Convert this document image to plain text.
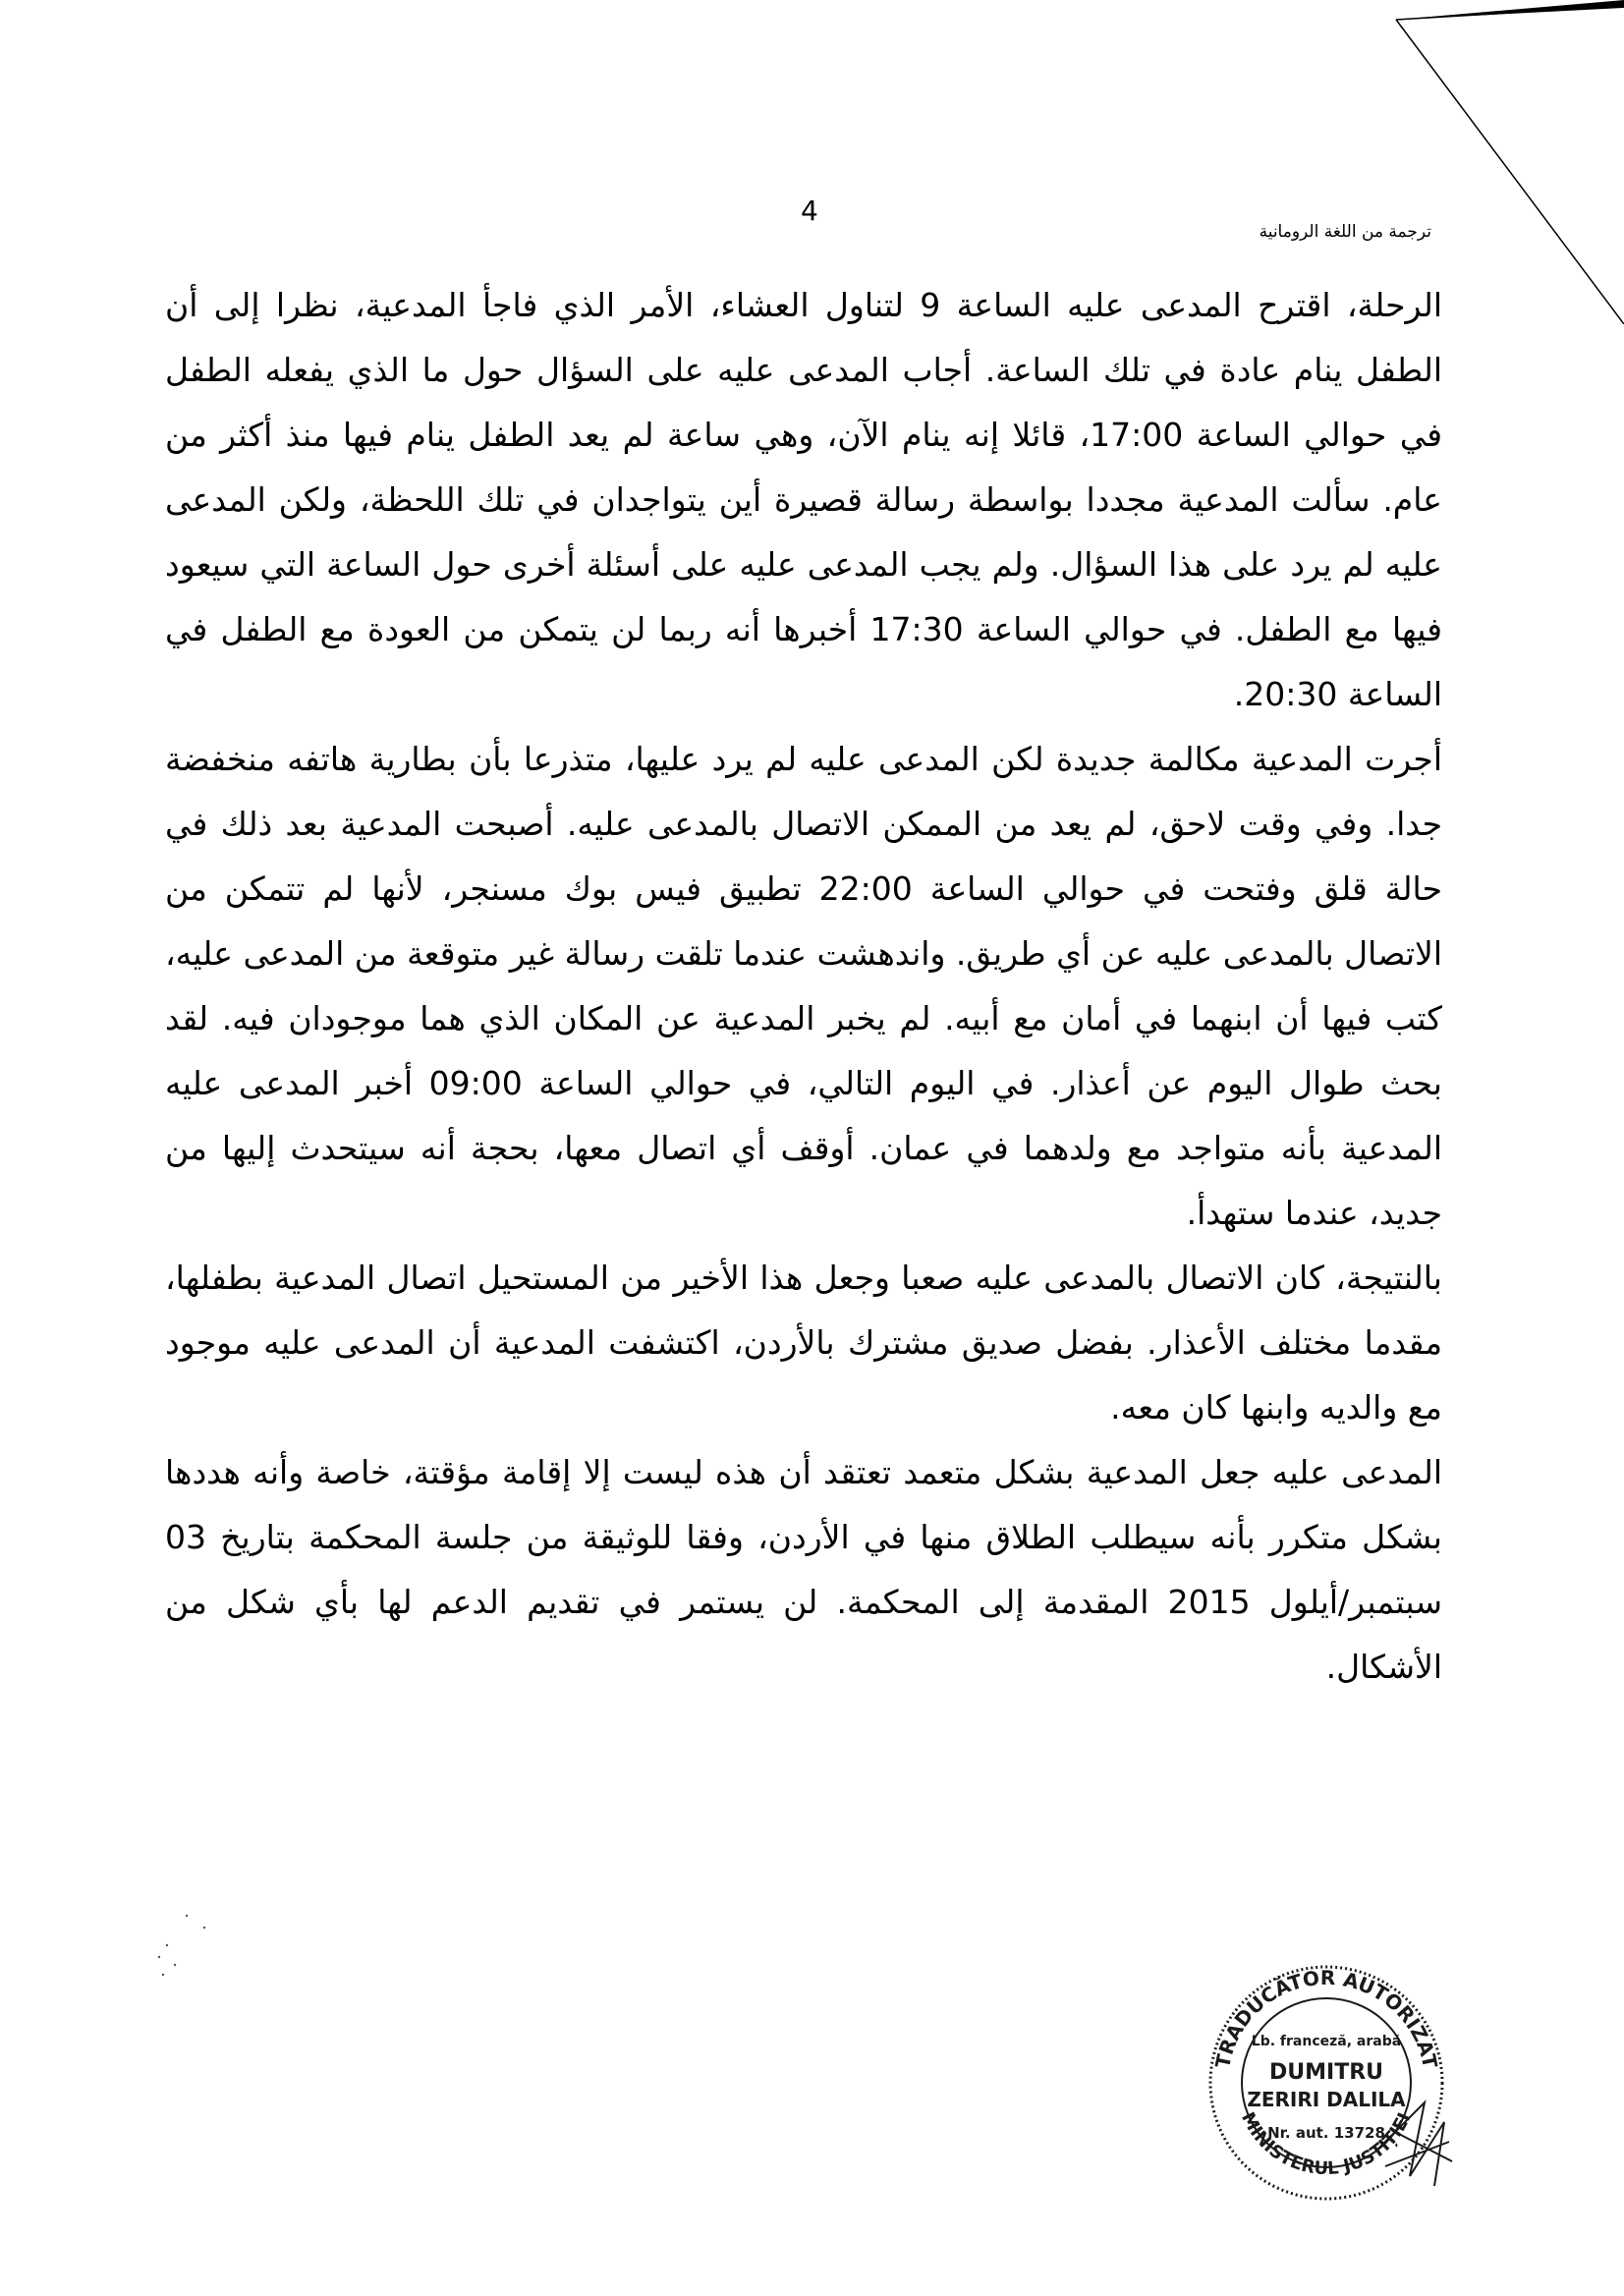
4
ترجمة من اللغة الرومانية

الرحلة، اقترح المدعى عليه الساعة 9 لتناول العشاء، الأمر الذي فاجأ المدعية، نظرا إلى أن الطفل ينام عادة في تلك الساعة. أجاب المدعى عليه على السؤال حول ما الذي يفعله الطفل في حوالي الساعة 17:00، قائلا إنه ينام الآن، وهي ساعة لم يعد الطفل ينام فيها منذ أكثر من عام. سألت المدعية مجددا بواسطة رسالة قصيرة أين يتواجدان في تلك اللحظة، ولكن المدعى عليه لم يرد على هذا السؤال. ولم يجب المدعى عليه على أسئلة أخرى حول الساعة التي سيعود فيها مع الطفل. في حوالي الساعة 17:30 أخبرها أنه ربما لن يتمكن من العودة مع الطفل في الساعة 20:30.

أجرت المدعية مكالمة جديدة لكن المدعى عليه لم يرد عليها، متذرعا بأن بطارية هاتفه منخفضة جدا. وفي وقت لاحق، لم يعد من الممكن الاتصال بالمدعى عليه. أصبحت المدعية بعد ذلك في حالة قلق وفتحت في حوالي الساعة 22:00 تطبيق فيس بوك مسنجر، لأنها لم تتمكن من الاتصال بالمدعى عليه عن أي طريق. واندهشت عندما تلقت رسالة غير متوقعة من المدعى عليه، كتب فيها أن ابنهما في أمان مع أبيه. لم يخبر المدعية عن المكان الذي هما موجودان فيه. لقد بحث طوال اليوم عن أعذار. في اليوم التالي، في حوالي الساعة 09:00 أخبر المدعى عليه المدعية بأنه متواجد مع ولدهما في عمان. أوقف أي اتصال معها، بحجة أنه سيتحدث إليها من جديد، عندما ستهدأ.

بالنتيجة، كان الاتصال بالمدعى عليه صعبا وجعل هذا الأخير من المستحيل اتصال المدعية بطفلها، مقدما مختلف الأعذار. بفضل صديق مشترك بالأردن، اكتشفت المدعية أن المدعى عليه موجود مع والديه وابنها كان معه.

المدعى عليه جعل المدعية بشكل متعمد تعتقد أن هذه ليست إلا إقامة مؤقتة، خاصة وأنه هددها بشكل متكرر بأنه سيطلب الطلاق منها في الأردن، وفقا للوثيقة من جلسة المحكمة بتاريخ 03 سبتمبر/أيلول 2015 المقدمة إلى المحكمة. لن يستمر في تقديم الدعم لها بأي شكل من الأشكال.

TRADUCĂTOR AUTORIZAT
MINISTERUL JUSTIȚIEI
Lb. franceză, arabă
DUMITRU
ZERIRI DALILA
Nr. aut. 13728
